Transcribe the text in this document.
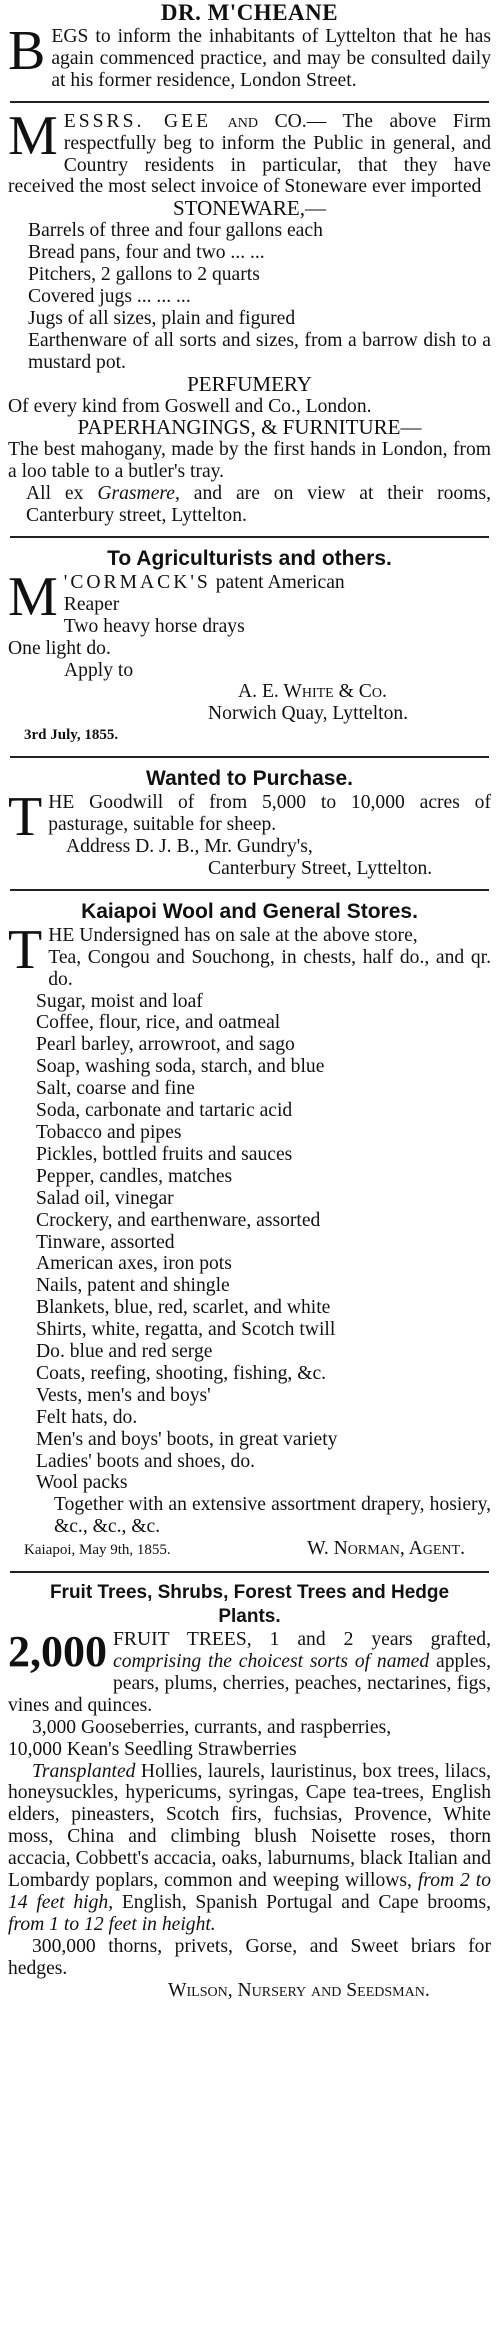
DR. M'CHEANE
BEGS to inform the inhabitants of Lyttelton that he has again commenced practice, and may be consulted daily at his former residence, London Street.
MESSRS. GEE and CO.— The above Firm respectfully beg to inform the Public in general, and Country residents in particular, that they have received the most select invoice of Stoneware ever imported
STONEWARE,—
Barrels of three and four gallons each
Bread pans, four and two ... ...
Pitchers, 2 gallons to 2 quarts
Covered jugs ... ... ...
Jugs of all sizes, plain and figured
Earthenware of all sorts and sizes, from a barrow dish to a mustard pot.
PERFUMERY
Of every kind from Goswell and Co., London.
PAPERHANGINGS, & FURNITURE—
The best mahogany, made by the first hands in London, from a loo table to a butler's tray.
All ex Grasmere, and are on view at their rooms, Canterbury street, Lyttelton.
To Agriculturists and others.
M 'CORMACK'S patent American
Reaper
Two heavy horse drays
One light do.
Apply to
A. E. White & Co.
Norwich Quay, Lyttelton.
3rd July, 1855.
Wanted to Purchase.
THE Goodwill of from 5,000 to 10,000 acres of pasturage, suitable for sheep.
Address D. J. B., Mr. Gundry's,
Canterbury Street, Lyttelton.
Kaiapoi Wool and General Stores.
THE Undersigned has on sale at the above store,
Tea, Congou and Souchong, in chests, half do., and qr. do.
Sugar, moist and loaf
Coffee, flour, rice, and oatmeal
Pearl barley, arrowroot, and sago
Soap, washing soda, starch, and blue
Salt, coarse and fine
Soda, carbonate and tartaric acid
Tobacco and pipes
Pickles, bottled fruits and sauces
Pepper, candles, matches
Salad oil, vinegar
Crockery, and earthenware, assorted
Tinware, assorted
American axes, iron pots
Nails, patent and shingle
Blankets, blue, red, scarlet, and white
Shirts, white, regatta, and Scotch twill
Do. blue and red serge
Coats, reefing, shooting, fishing, &c.
Vests, men's and boys'
Felt hats, do.
Men's and boys' boots, in great variety
Ladies' boots and shoes, do.
Wool packs
Together with an extensive assortment drapery, hosiery, &c., &c., &c.
Kaiapoi, May 9th, 1855.	W. Norman, Agent.
Fruit Trees, Shrubs, Forest Trees and Hedge Plants.
2,000 FRUIT TREES, 1 and 2 years grafted, comprising the choicest sorts of named apples, pears, plums, cherries, peaches, nectarines, figs, vines and quinces.
3,000 Gooseberries, currants, and raspberries,
10,000 Kean's Seedling Strawberries
Transplanted Hollies, laurels, lauristinus, box trees, lilacs, honeysuckles, hypericums, syringas, Cape tea-trees, English elders, pineasters, Scotch firs, fuchsias, Provence, White moss, China and climbing blush Noisette roses, thorn accacia, Cobbett's accacia, oaks, laburnums, black Italian and Lombardy poplars, common and weeping willows, from 2 to 14 feet high, English, Spanish Portugal and Cape brooms, from 1 to 12 feet in height.
300,000 thorns, privets, Gorse, and Sweet briars for hedges.
Wilson, Nursery and Seedsman.
